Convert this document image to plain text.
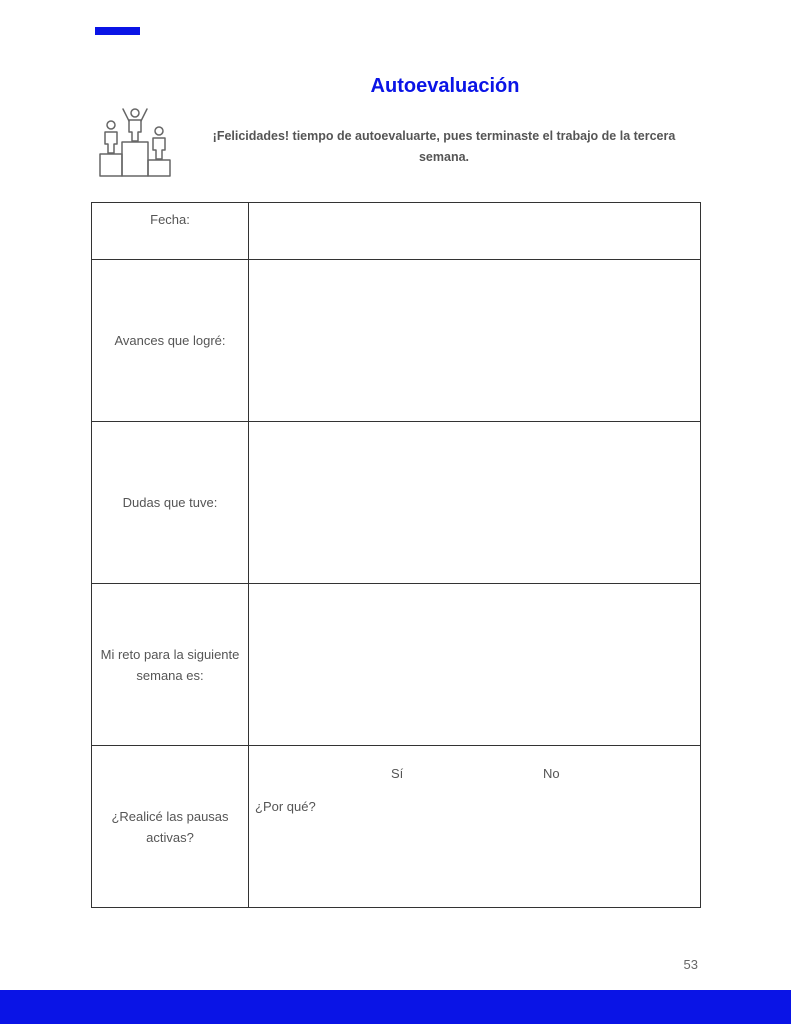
Autoevaluación

¡Felicidades! tiempo de autoevaluarte, pues terminaste el trabajo de la tercera semana.

Fecha:	
Avances que logré:	
Dudas que tuve:	
Mi reto para la siguiente semana es:	
¿Realicé las pausas activas?	Sí No
¿Por qué?
53
